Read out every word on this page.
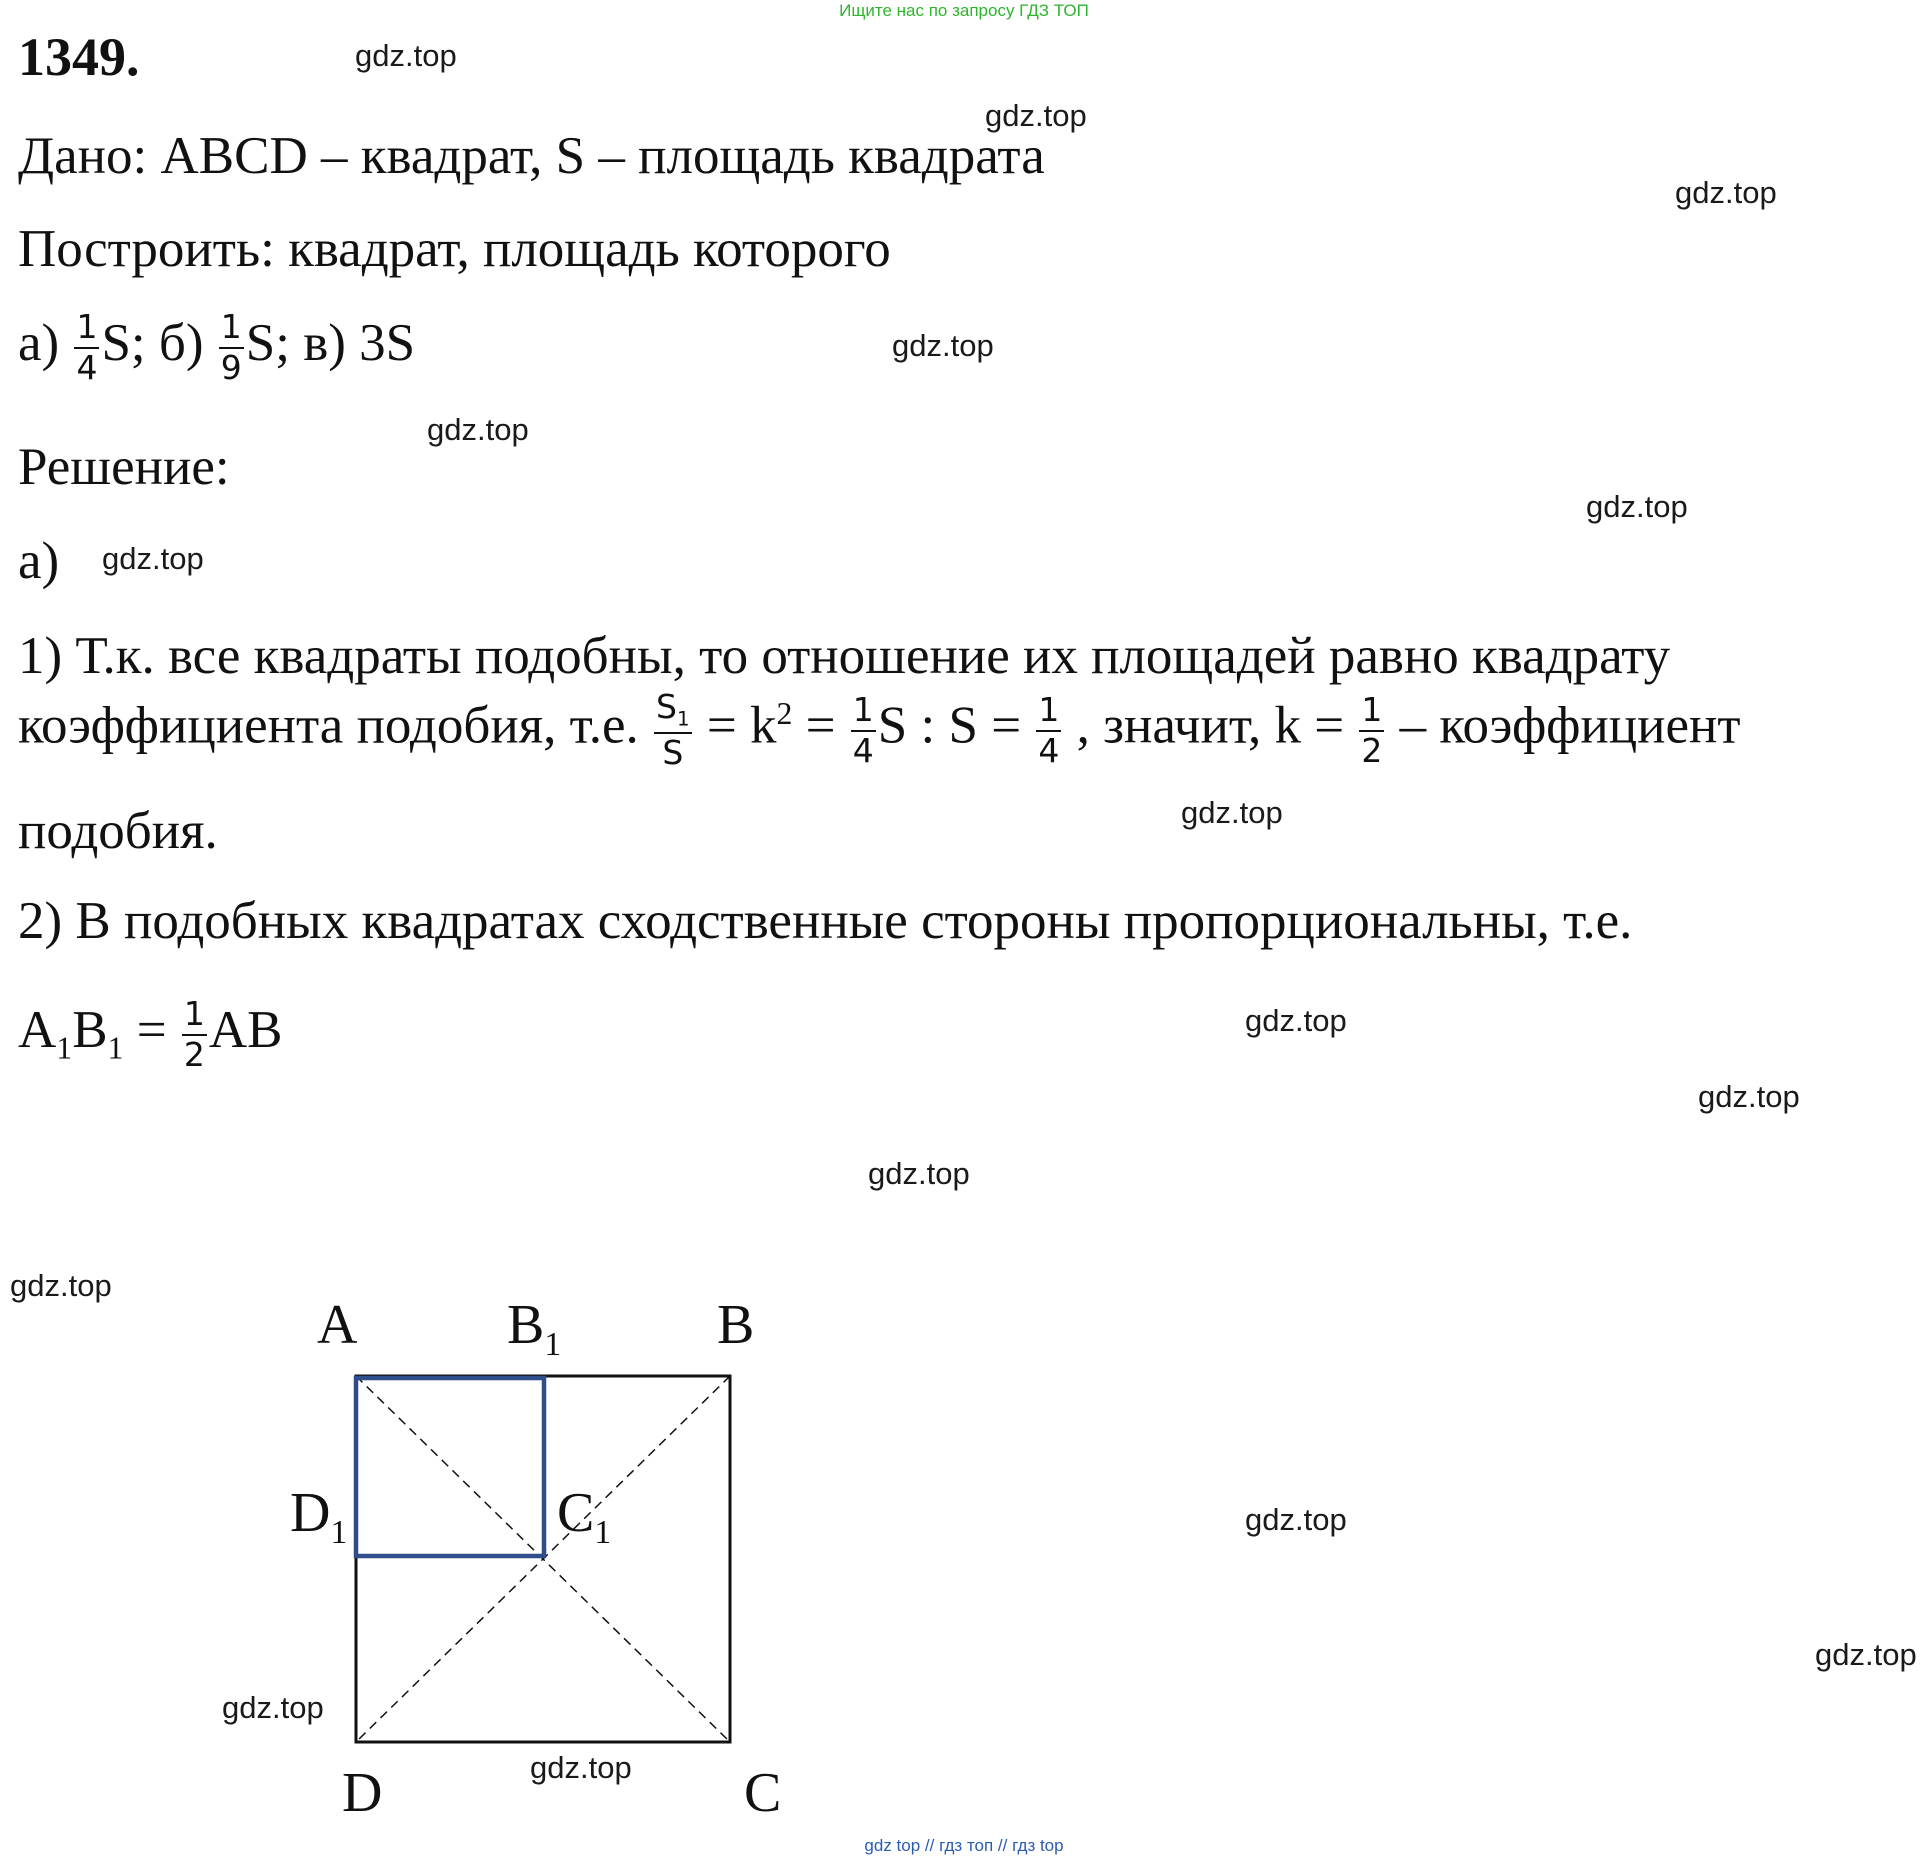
Ищите нас по запросу ГДЗ ТОП
gdz top // гдз топ // гдз top
1349.
Дано: ABCD – квадрат, S – площадь квадрата
Построить: квадрат, площадь которого
$а) \frac{1}{4} S$; $б) \frac{1}{9} S$; в) 3S
Решение:
а)
1) Т.к. все квадраты подобны, то отношение их площадей равно квадрату
коэффициента подобия, т.е. $\frac{S_1}{S} = k^2 = \frac{1}{4}$ S : $S = \frac{1}{4}$ , значит, $k = \frac{1}{2}$ – коэффициент
подобия.
2) В подобных квадратах сходственные стороны пропорциональны, т.е.
$A_1B_1 = \frac{1}{2}$ AB
A	$B_1$	B
$D_1$	$C_1$
D	C
gdz.top
gdz.top
gdz.top
gdz.top
gdz.top
gdz.top
gdz.top
gdz.top
gdz.top
gdz.top
gdz.top
gdz.top
gdz.top
gdz.top
gdz.top
gdz.top
